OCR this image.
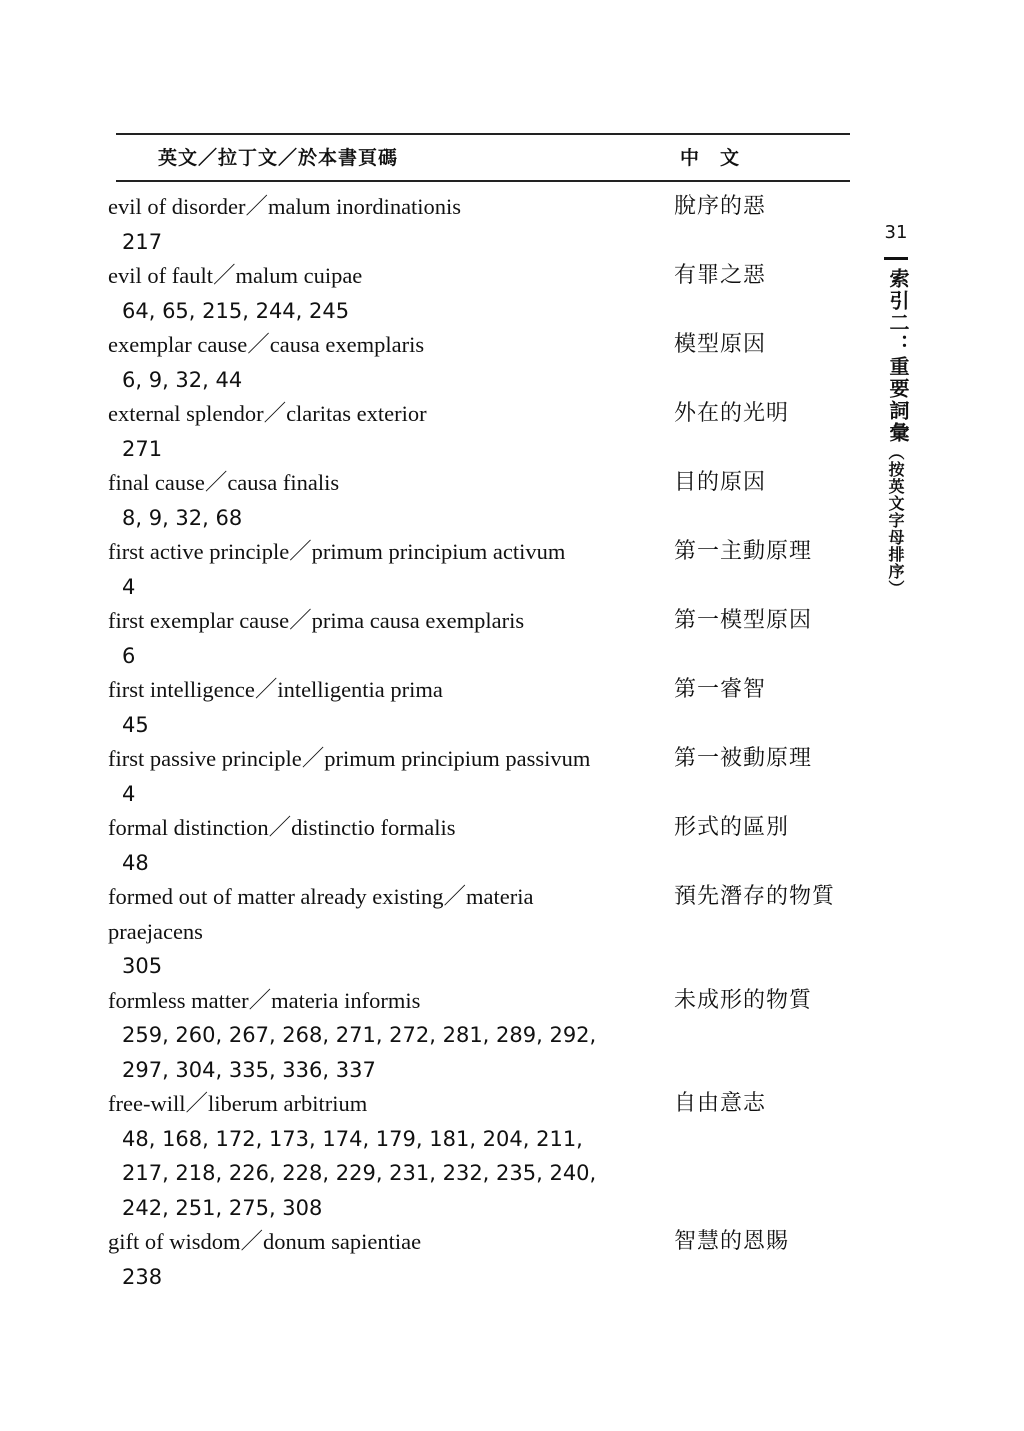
英文／拉丁文／於本書頁碼	中　文
evil of disorder／malum inordinationis
217
脫序的惡
evil of fault／malum cuipae
64, 65, 215, 244, 245
有罪之惡
exemplar cause／causa exemplaris
6, 9, 32, 44
模型原因
external splendor／claritas exterior
271
外在的光明
final cause／causa finalis
8, 9, 32, 68
目的原因
first active principle／primum principium activum
4
第一主動原理
first exemplar cause／prima causa exemplaris
6
第一模型原因
first intelligence／intelligentia prima
45
第一睿智
first passive principle／primum principium passivum
4
第一被動原理
formal distinction／distinctio formalis
48
形式的區別
formed out of matter already existing／materia praejacens
305
預先潛存的物質
formless matter／materia informis
259, 260, 267, 268, 271, 272, 281, 289, 292, 297, 304, 335, 336, 337
未成形的物質
free-will／liberum arbitrium
48, 168, 172, 173, 174, 179, 181, 204, 211, 217, 218, 226, 228, 229, 231, 232, 235, 240, 242, 251, 275, 308
自由意志
gift of wisdom／donum sapientiae
238
智慧的恩賜
31
索引二：重要詞彙
（按英文字母排序）
